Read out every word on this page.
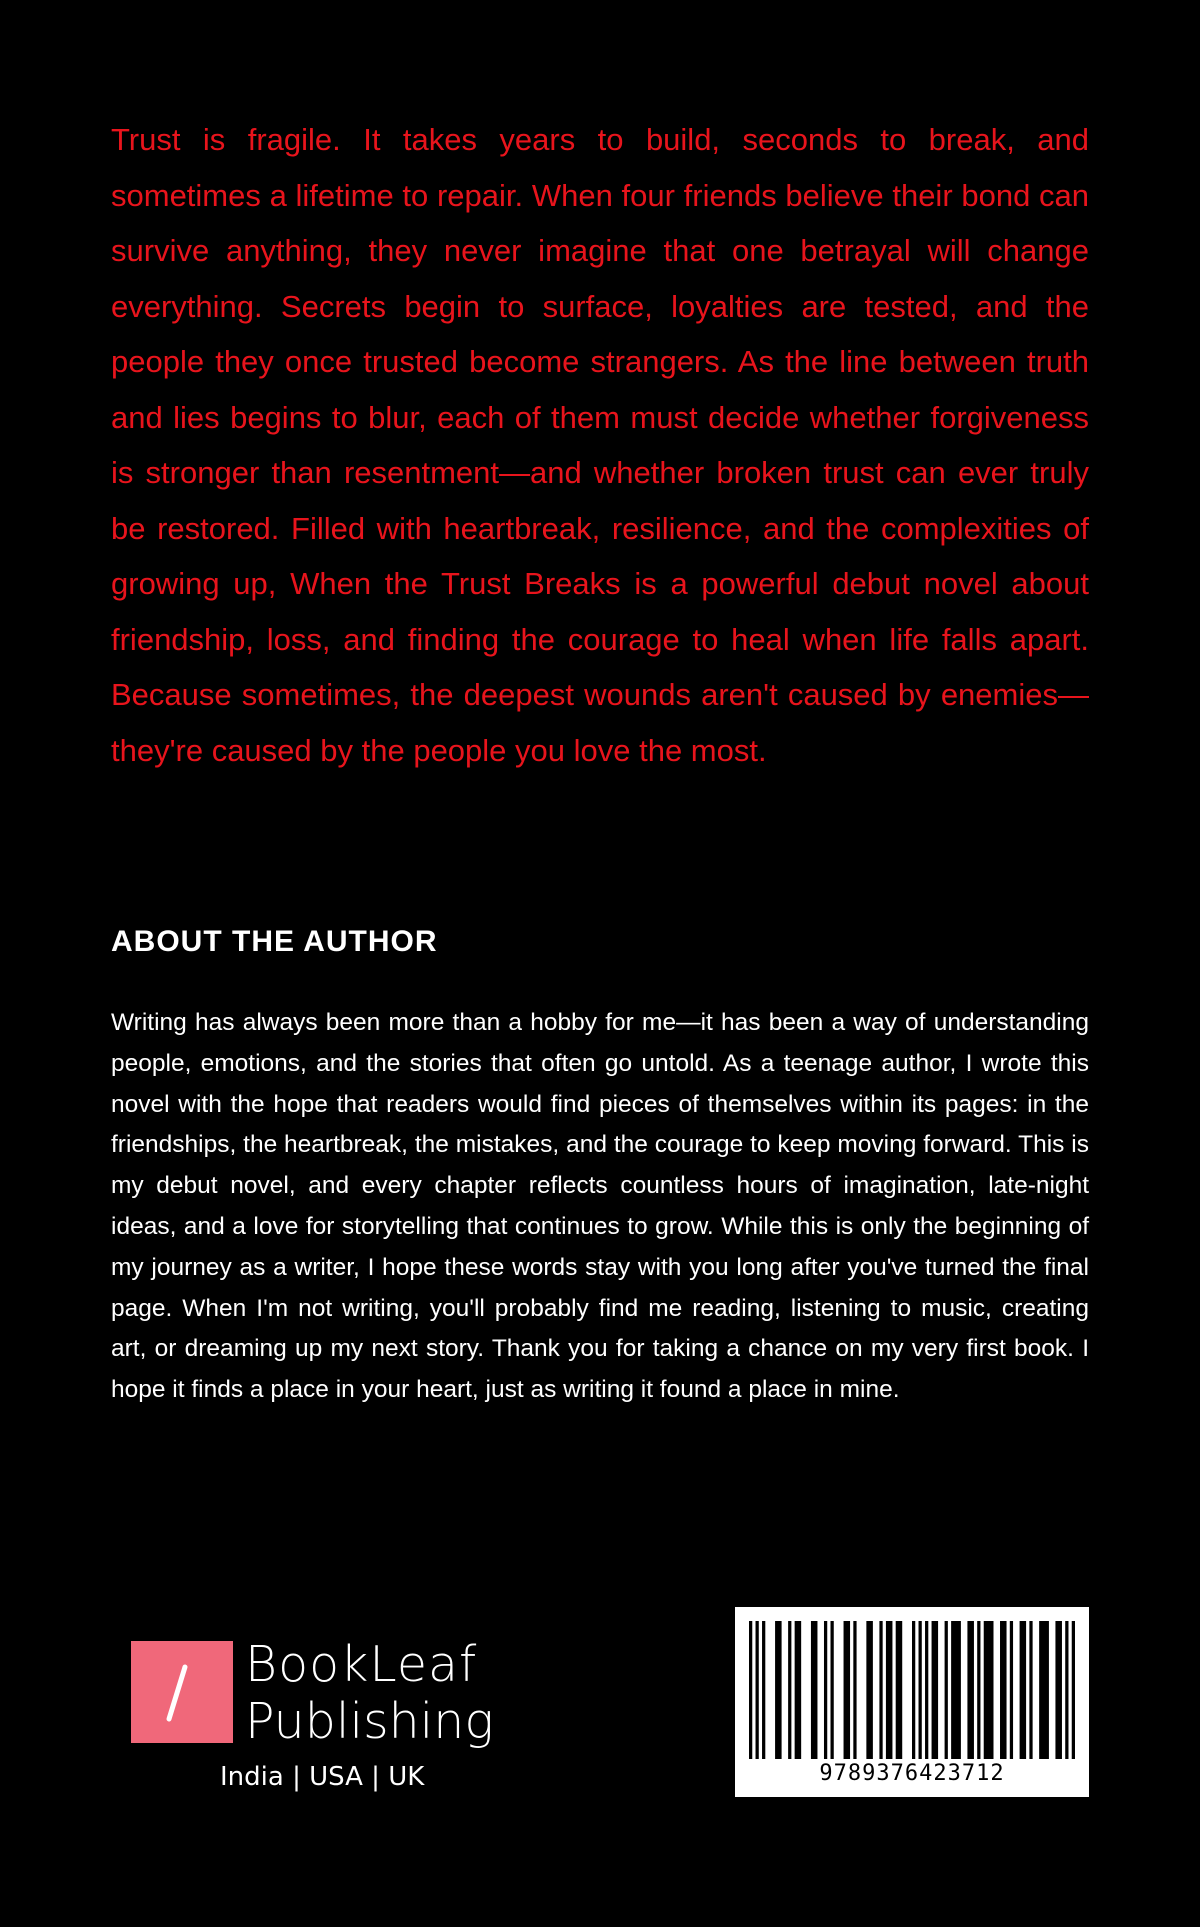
Trust is fragile. It takes years to build, seconds to break, and sometimes a lifetime to repair. When four friends believe their bond can survive anything, they never imagine that one betrayal will change everything. Secrets begin to surface, loyalties are tested, and the people they once trusted become strangers. As the line between truth and lies begins to blur, each of them must decide whether forgiveness is stronger than resentment—and whether broken trust can ever truly be restored. Filled with heartbreak, resilience, and the complexities of growing up, When the Trust Breaks is a powerful debut novel about friendship, loss, and finding the courage to heal when life falls apart. Because sometimes, the deepest wounds aren't caused by enemies— they're caused by the people you love the most.

ABOUT THE AUTHOR

Writing has always been more than a hobby for me—it has been a way of understanding people, emotions, and the stories that often go untold. As a teenage author, I wrote this novel with the hope that readers would find pieces of themselves within its pages: in the friendships, the heartbreak, the mistakes, and the courage to keep moving forward. This is my debut novel, and every chapter reflects countless hours of imagination, late-night ideas, and a love for storytelling that continues to grow. While this is only the beginning of my journey as a writer, I hope these words stay with you long after you've turned the final page. When I'm not writing, you'll probably find me reading, listening to music, creating art, or dreaming up my next story. Thank you for taking a chance on my very first book. I hope it finds a place in your heart, just as writing it found a place in mine.

BookLeaf
Publishing
India | USA | UK	9789376423712
